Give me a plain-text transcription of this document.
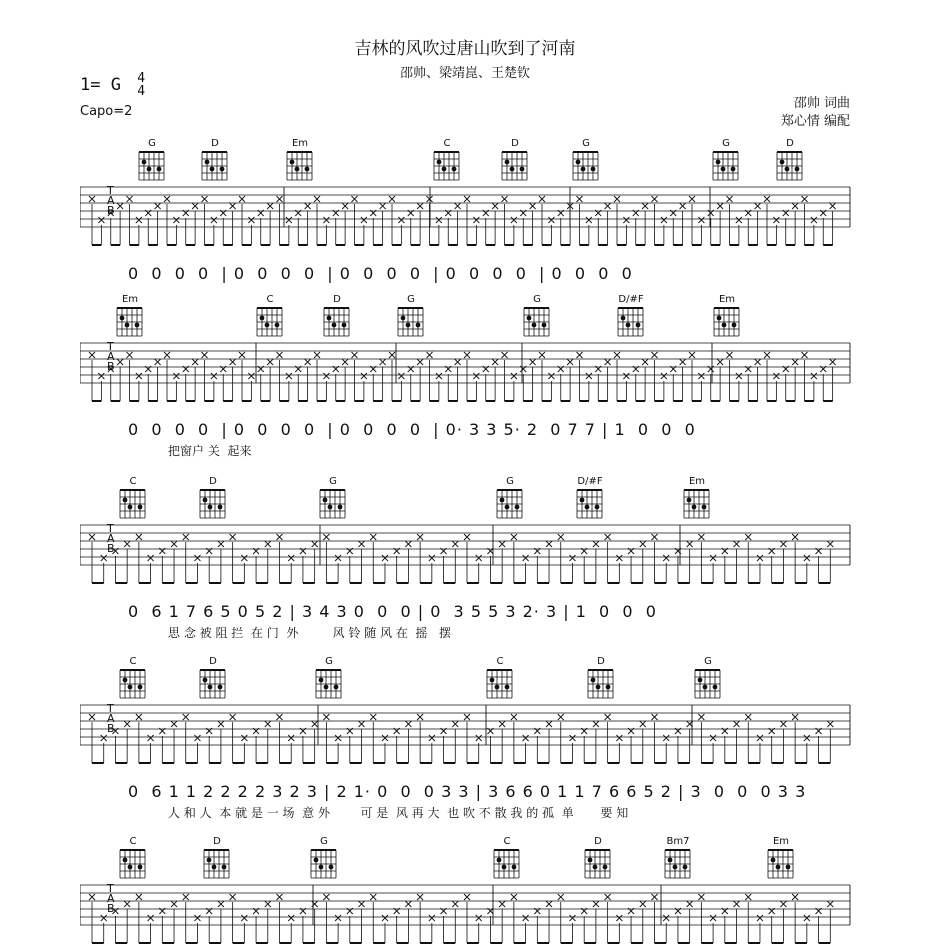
吉林的风吹过唐山吹到了河南
邵帅、梁靖崑、王楚钦
1= G 4
4
Capo=2
邵帅 词曲
郑心情 编配
G	D	Em	C	D	G	G	D
T
A
B
0  0  0  0  | 0  0  0  0  | 0  0  0  0  | 0  0  0  0  | 0  0  0  0
Em	C	D	G	G	D/#F	Em
T
A
B
0  0  0  0  | 0  0  0  0  | 0  0  0  0  | 0· 3 3 5· 2  0 7 7 | 1  0  0  0
把窗户 关  起来
C	D	G	G	D/#F	Em
T
A
B
0  6 1 7 6 5 0 5 2 | 3 4 3 0  0  0 | 0  3 5 5 3 2· 3 | 1  0  0  0
思 念 被 阻 拦  在 门  外         风 铃 随 风 在  摇   摆
C	D	G	C	D	G
T
A
B
0  6 1 1 2 2 2 2 3 2 3 | 2 1· 0  0  0 3 3 | 3 6 6 0 1 1 7 6 6 5 2 | 3  0  0  0 3 3
人 和 人  本 就 是 一 场  意 外        可 是  风 再 大  也 吹 不 散 我 的 孤  单       要 知
C	D	G	C	D	Bm7	Em
T
A
B
